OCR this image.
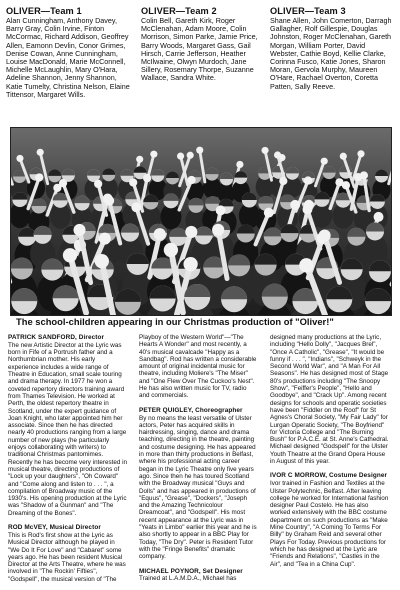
OLIVER—Team 1
Alan Cunningham, Anthony Davey, Barry Gray, Colin Irvine, Finton McCormac, Richard Addison, Geoffrey Allen, Eamonn Devlin, Conor Grimes, Denise Cowan, Anne Cunningham, Louise MacDonald, Marie McConnell, Michelle McLaughlin, Mary O'Hara, Adeline Shannon, Jenny Shannon, Katie Tumelty, Christina Nelson, Elaine Tittensor, Margaret Wills.
OLIVER—Team 2
Colin Bell, Gareth Kirk, Roger McClenahan, Adam Moore, Colin Morrison, Simon Parke, Jamie Price, Barry Woods, Margaret Gass, Gail Hirsch, Carrie Jefferson, Heather McIlwaine, Olwyn Murdoch, Jane Sillery, Rosemary Thorpe, Suzanne Wallace, Sandra White.
OLIVER—Team 3
Shane Allen, John Comerton, Darragh Gallagher, Rolf Gillespie, Douglas Johnston, Roger McClenahan, Gareth Morgan, William Porter, David Webster, Cathie Boyd, Kellie Clarke, Corinna Fusco, Katie Jones, Sharon Moran, Gervola Murphy, Maureen O'Hare, Rachael Overton, Coretta Patten, Sally Reeve.
The school-children appearing in our Christmas production of "Oliver!"
PATRICK SANDFORD, Director
The new Artistic Director at the Lyric was born in Fife of a Portrush father and a Northumbrian mother. His early experience includes a wide range of Theatre in Education, small scale touring and drama therapy. In 1977 he won a coveted repertory directors training award from Thames Television. He worked at Perth, the oldest repertory theatre in Scotland, under the expert guidance of Joan Knight, who later appointed him her associate. Since then he has directed nearly 40 productions ranging from a large number of new plays (he particularly enjoys collaborating with writers) to traditional Christmas pantomimes. Recently he has become very interested in musical theatre, directing productions of "Lock up your daughters", "Oh Coward" and "Come along and listen to . . . ", a compilation of Broadway music of the 1930's. His opening production at the Lyric was "Shadow of a Gunman" and "The Dreaming of the Bones".
ROD McVEY, Musical Director
This is Rod's first show at the Lyric as Musical Director although he played in "We Do It For Love" and "Cabaret" some years ago. He has been resident Musical Director at the Arts Theatre, where he was involved in "The Rockin' Fifties", "Godspell", the musical version of "The
Playboy of the Western World"—"The Hearts A Wonder" and most recently, a 40's musical cavalcade "Happy as a Sandbag". Rod has written a considerable amount of original incidental music for theatre, including Moliere's "The Miser" and "One Flew Over The Cuckoo's Nest". He has also written music for TV, radio and commercials.
PETER QUIGLEY, Choreographer
By no means the least versatile of Ulster actors, Peter has acquired skills in hairdressing, singing, dance and drama teaching, directing in the theatre, painting and costume designing. He has appeared in more than thirty productions in Belfast, where his professional acting career began in the Lyric Theatre only five years ago. Since then he has toured Scotland with the Broadway musical "Guys and Dolls" and has appeared in productions of "Equus", "Grease", "Dockers", "Joseph and the Amazing Technicolour Dreamcoat", and "Godspell". His most recent appearance at the Lyric was in "Yeats in Limbo" earlier this year and he is also shortly to appear in a BBC Play for Today, "The Dry". Peter is Resident Tutor with the "Fringe Benefits" dramatic company.
MICHAEL POYNOR, Set Designer
Trained at L.A.M.D.A., Michael has
designed many productions at the Lyric, including "Hello Dolly", "Jacques Brel", "Once A Catholic", "Grease", "It would be funny if . . . ", "Indians", "Schweyk in the Second World War", and "A Man For All Seasons". He has designed most of Stage 80's productions including "The Snoopy Show", "Feiffer's People", "Hello and Goodbye", and "Crack Up". Among recent designs for schools and operatic societies have been "Fiddler on the Roof" for St Agnes's Choral Society, "My Fair Lady" for Lurgan Operatic Society, "The Boyfriend" for Victoria College and "The Burning Bush" for P.A.C.E. at St. Anne's Cathedral. Michael designed "Godspell" for the Ulster Youth Theatre at the Grand Opera House in August of this year.
IVOR C MORROW, Costume Designer
Ivor trained in Fashion and Textiles at the Ulster Polytechnic, Belfast. After leaving college he worked for International fashion designer Paul Costelo. He has also worked extensively with the BBC costume department on such productions as "Make Mine Country", "A Coming To Terms For Billy" by Graham Reid and several other Plays For Today. Previous productions for which he has designed at the Lyric are "Friends and Relations", "Castles in the Air", and "Tea in a China Cup".
